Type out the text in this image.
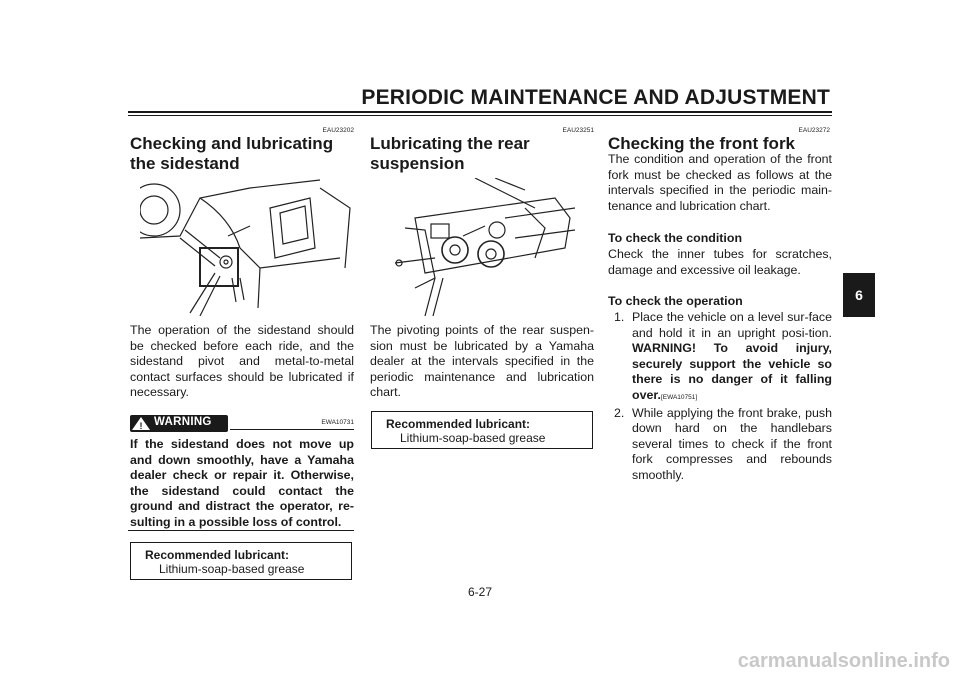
PERIODIC MAINTENANCE AND ADJUSTMENT
6
EAU23202
Checking and lubricating the sidestand
The operation of the sidestand should be checked before each ride, and the sidestand pivot and metal-to-metal contact surfaces should be lubricated if necessary.
! WARNING	EWA10731
If the sidestand does not move up and down smoothly, have a Yamaha dealer check or repair it. Otherwise, the sidestand could contact the ground and distract the operator, re-sulting in a possible loss of control.
Recommended lubricant:
Lithium-soap-based grease
EAU23251
Lubricating the rear suspension
The pivoting points of the rear suspen-sion must be lubricated by a Yamaha dealer at the intervals specified in the periodic maintenance and lubrication chart.
Recommended lubricant:
Lithium-soap-based grease
EAU23272
Checking the front fork
The condition and operation of the front fork must be checked as follows at the intervals specified in the periodic main-tenance and lubrication chart.
To check the condition
Check the inner tubes for scratches, damage and excessive oil leakage.
To check the operation
1. Place the vehicle on a level sur-face and hold it in an upright posi-tion. WARNING! To avoid injury, securely support the vehicle so there is no danger of it falling over.[EWA10751]
2. While applying the front brake, push down hard on the handlebars several times to check if the front fork compresses and rebounds smoothly.
6-27
carmanualsonline.info
